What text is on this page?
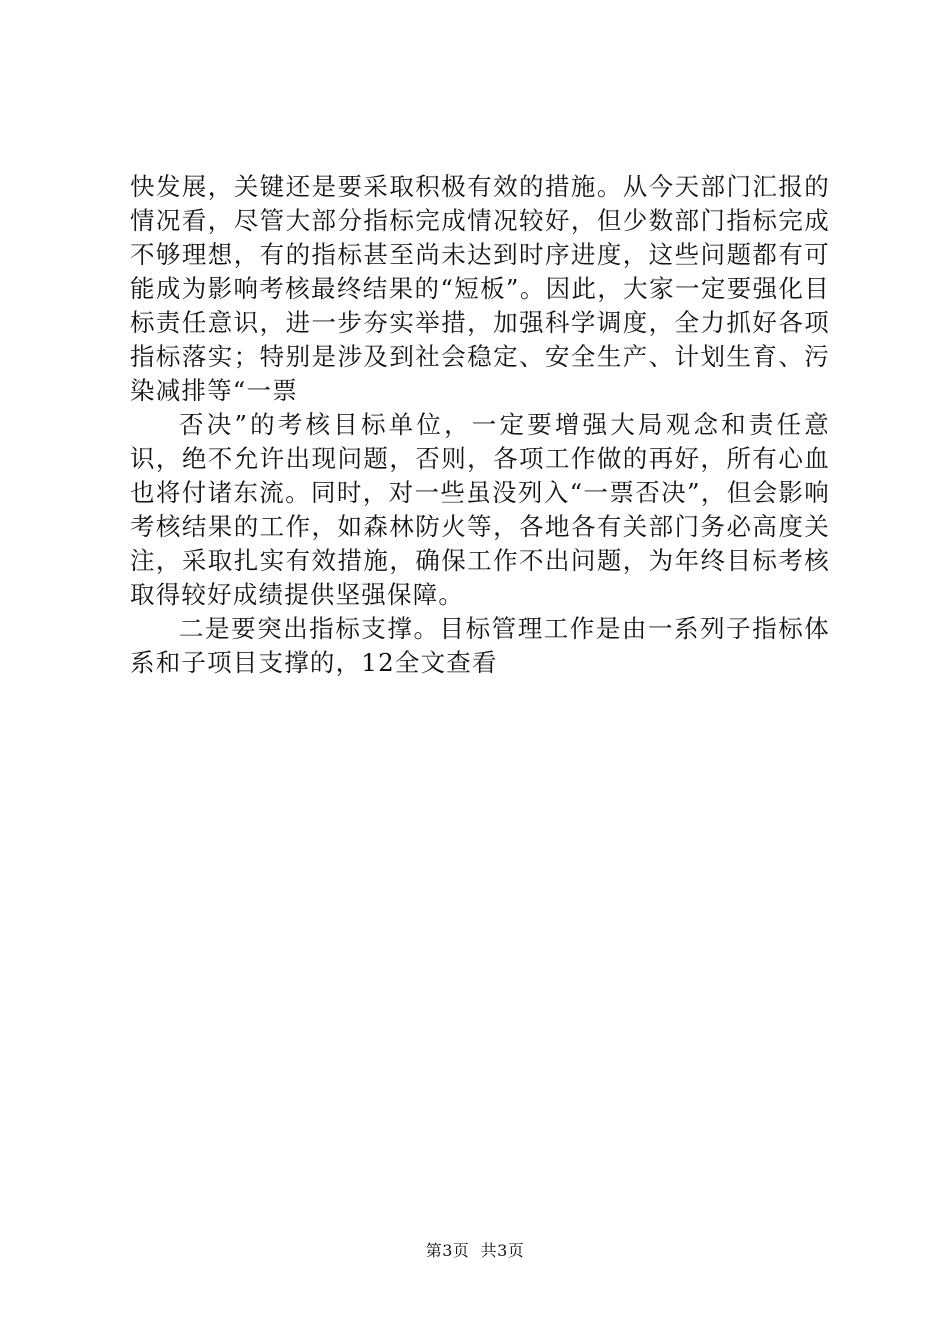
快发展，关键还是要采取积极有效的措施。从今天部门汇报的情况看，尽管大部分指标完成情况较好，但少数部门指标完成不够理想，有的指标甚至尚未达到时序进度，这些问题都有可能成为影响考核最终结果的“短板”。因此，大家一定要强化目标责任意识，进一步夯实举措，加强科学调度，全力抓好各项指标落实；特别是涉及到社会稳定、安全生产、计划生育、污染减排等“一票

否决”的考核目标单位，一定要增强大局观念和责任意识，绝不允许出现问题，否则，各项工作做的再好，所有心血也将付诸东流。同时，对一些虽没列入“一票否决”，但会影响考核结果的工作，如森林防火等，各地各有关部门务必高度关注，采取扎实有效措施，确保工作不出问题，为年终目标考核取得较好成绩提供坚强保障。

二是要突出指标支撑。目标管理工作是由一系列子指标体系和子项目支撑的，12全文查看

第3页  共3页
